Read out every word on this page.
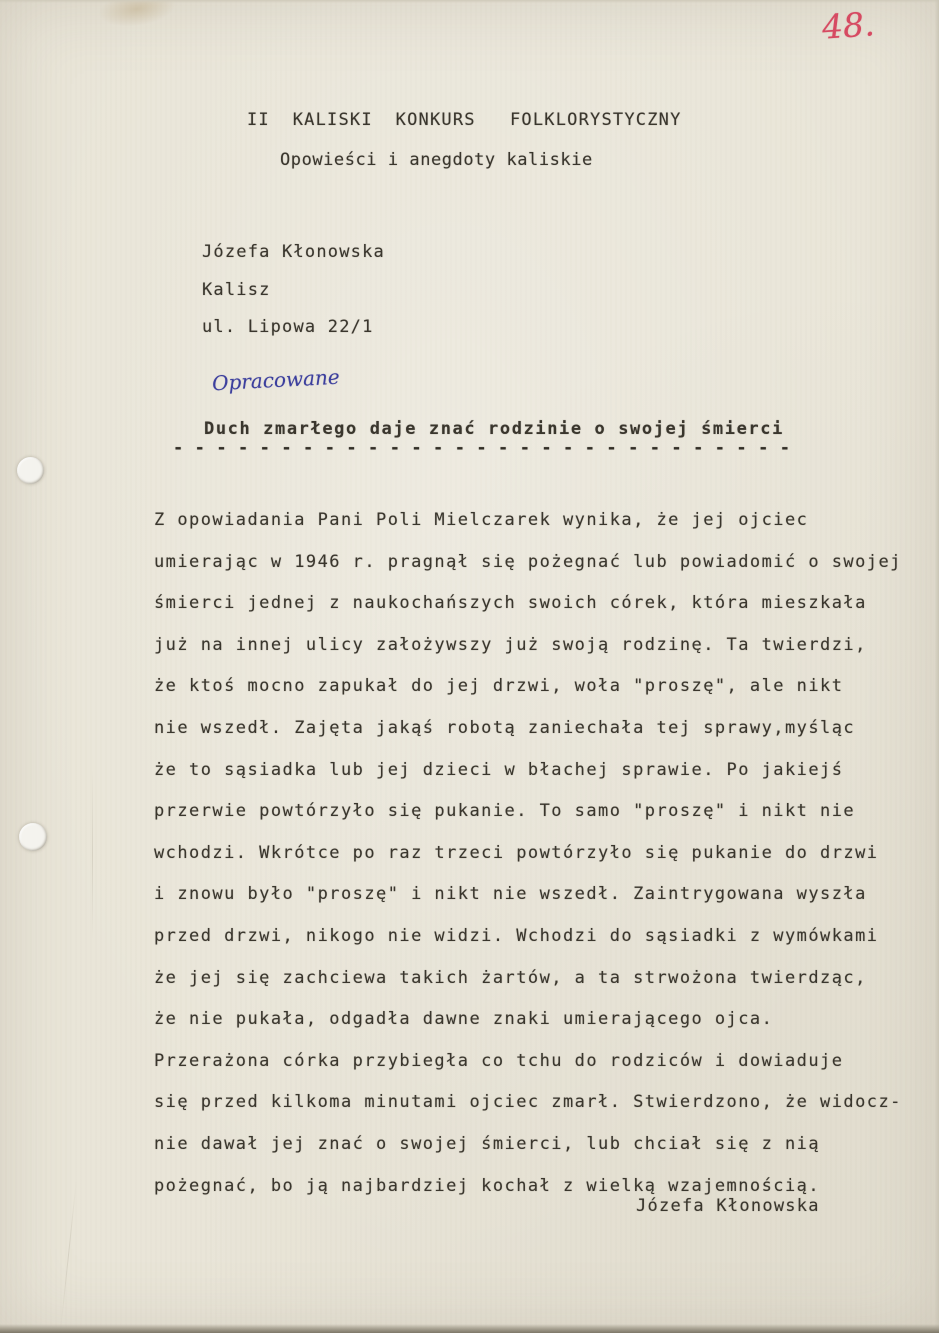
48.
II  KALISKI  KONKURS   FOLKLORYSTYCZNY
Opowieści i anegdoty kaliskie
Józefa Kłonowska
Kalisz
ul. Lipowa 22/1
Opracowane
Duch zmarłego daje znać rodzinie o swojej śmierci
- - - - - - - - - - - - - - - - - - - - - - - - - - - - -
Z opowiadania Pani Poli Mielczarek wynika, że jej ojciec
umierając w 1946 r. pragnął się pożegnać lub powiadomić o swojej
śmierci jednej z naukochańszych swoich córek, która mieszkała
już na innej ulicy założywszy już swoją rodzinę. Ta twierdzi,
że ktoś mocno zapukał do jej drzwi, woła "proszę", ale nikt
nie wszedł. Zajęta jakąś robotą zaniechała tej sprawy,myśląc
że to sąsiadka lub jej dzieci w błachej sprawie. Po jakiejś
przerwie powtórzyło się pukanie. To samo "proszę" i nikt nie
wchodzi. Wkrótce po raz trzeci powtórzyło się pukanie do drzwi
i znowu było "proszę" i nikt nie wszedł. Zaintrygowana wyszła
przed drzwi, nikogo nie widzi. Wchodzi do sąsiadki z wymówkami
że jej się zachciewa takich żartów, a ta strwożona twierdząc,
że nie pukała, odgadła dawne znaki umierającego ojca.
Przerażona córka przybiegła co tchu do rodziców i dowiaduje
się przed kilkoma minutami ojciec zmarł. Stwierdzono, że widocz-
nie dawał jej znać o swojej śmierci, lub chciał się z nią
pożegnać, bo ją najbardziej kochał z wielką wzajemnością.
Józefa Kłonowska
